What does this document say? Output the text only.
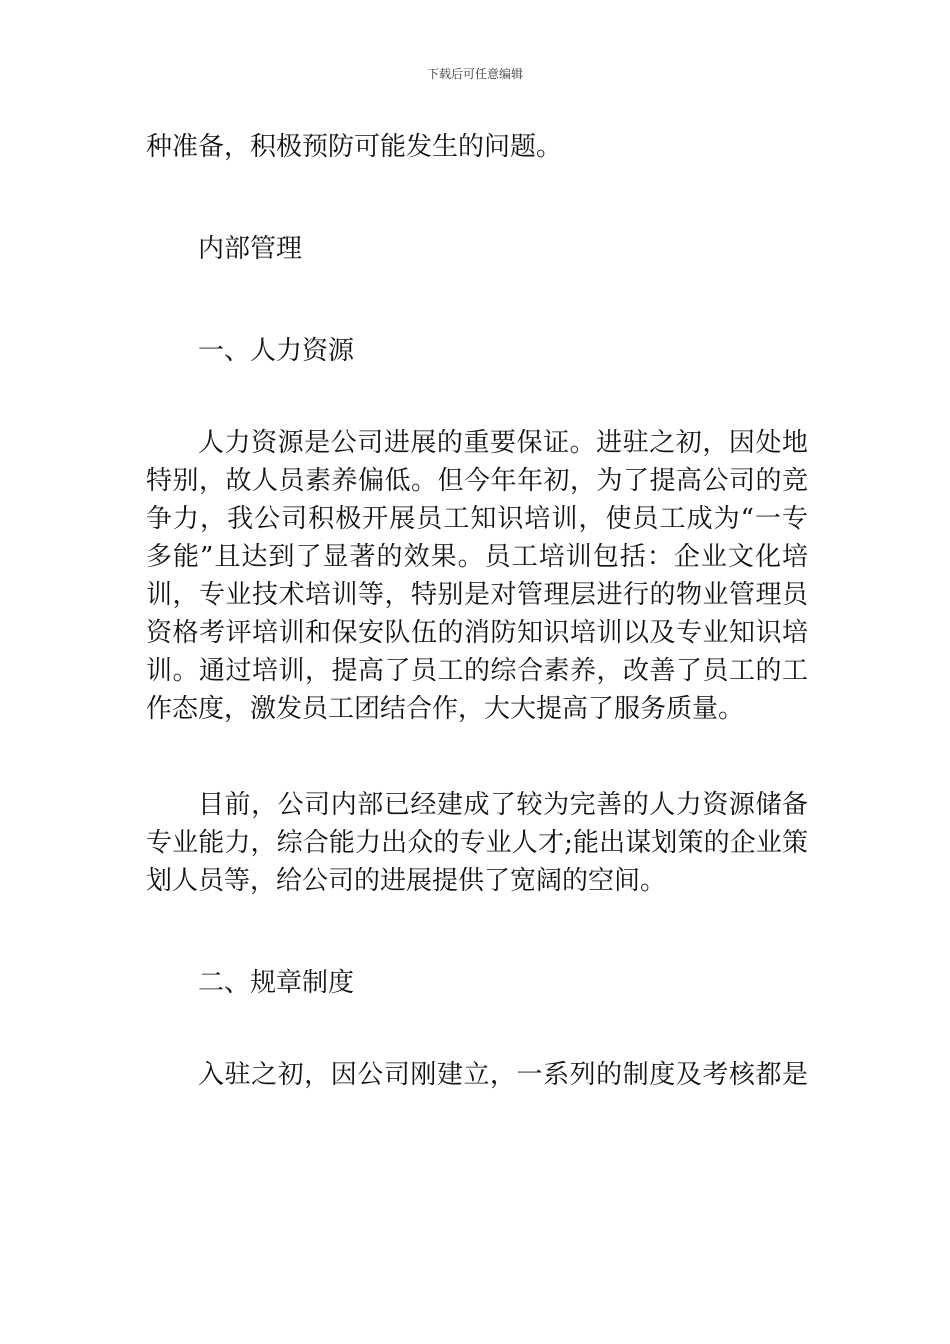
下载后可任意编辑

种准备，积极预防可能发生的问题。

内部管理

一、人力资源

人力资源是公司进展的重要保证。进驻之初，因处地

特别，故人员素养偏低。但今年年初，为了提高公司的竞

争力，我公司积极开展员工知识培训，使员工成为“一专

多能”且达到了显著的效果。员工培训包括：企业文化培

训，专业技术培训等，特别是对管理层进行的物业管理员

资格考评培训和保安队伍的消防知识培训以及专业知识培

训。通过培训，提高了员工的综合素养，改善了员工的工

作态度，激发员工团结合作，大大提高了服务质量。

目前，公司内部已经建成了较为完善的人力资源储备

专业能力，综合能力出众的专业人才;能出谋划策的企业策

划人员等，给公司的进展提供了宽阔的空间。

二、规章制度

入驻之初，因公司刚建立，一系列的制度及考核都是
